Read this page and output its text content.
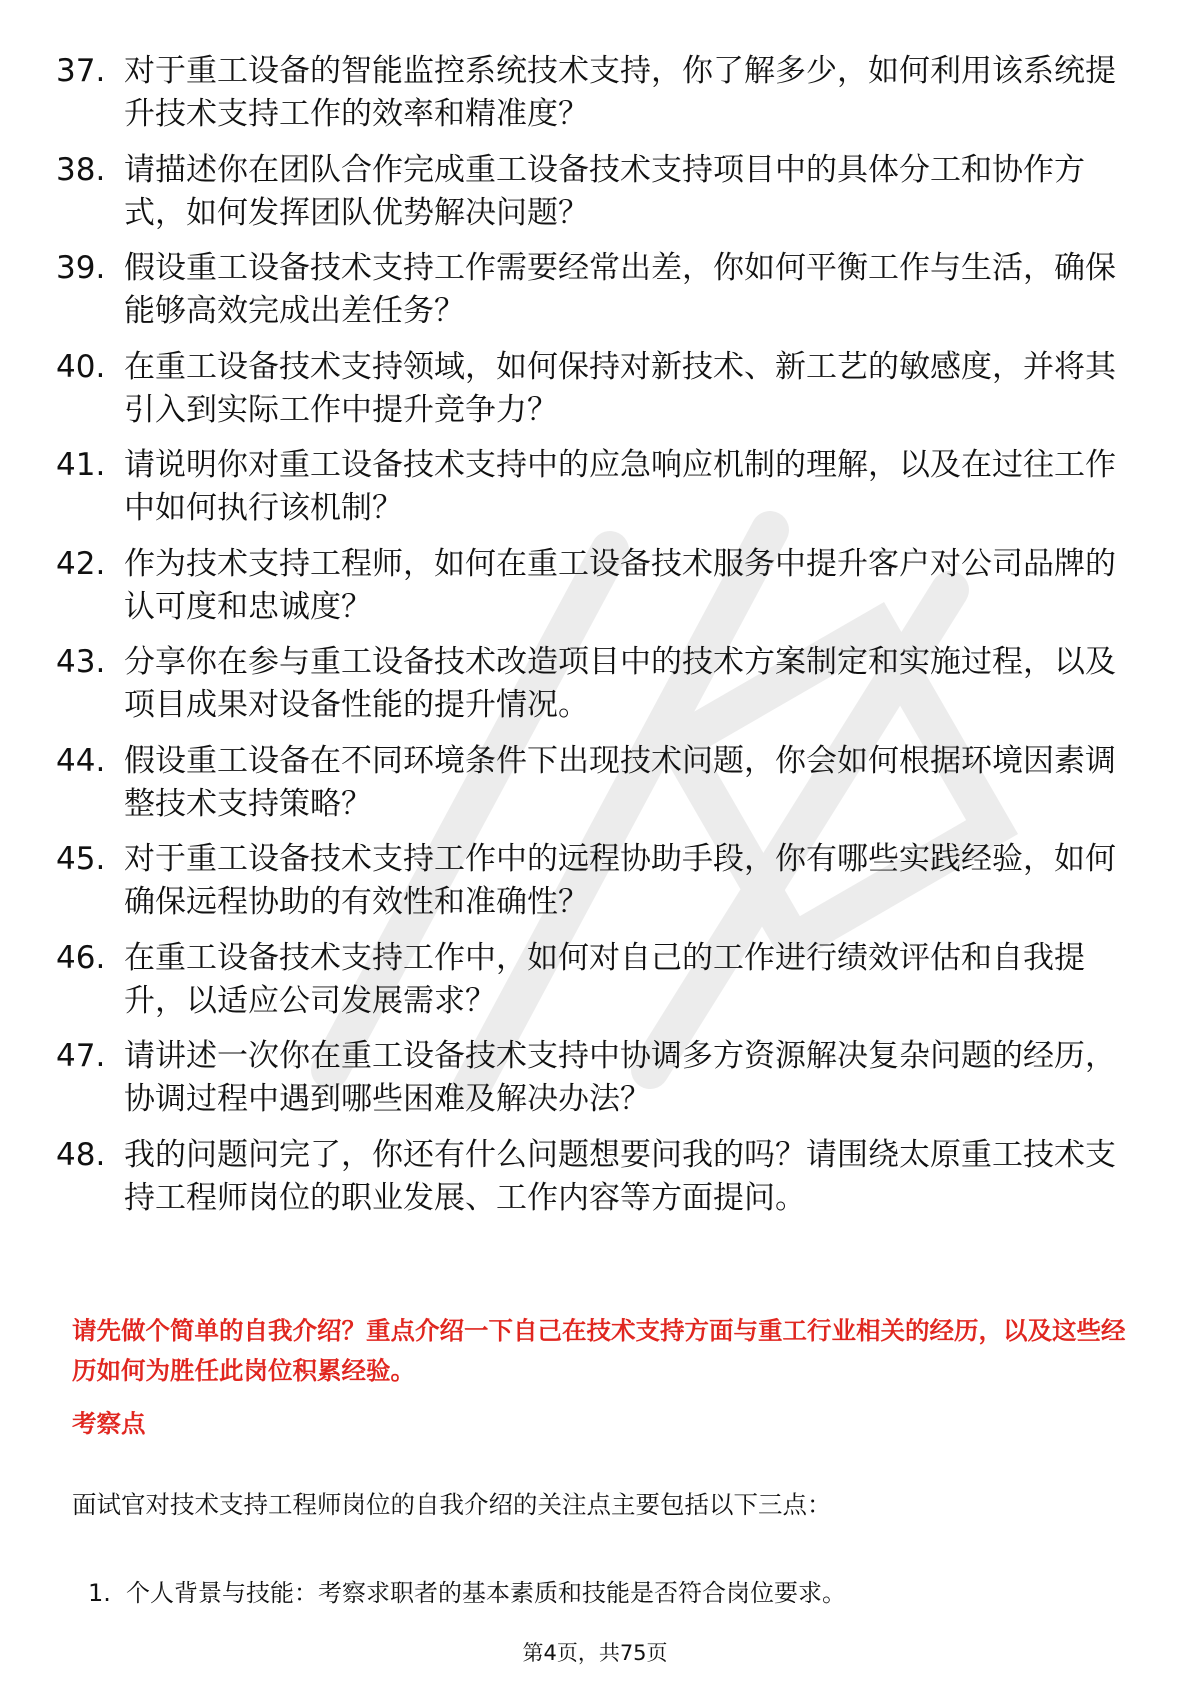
37. 对于重工设备的智能监控系统技术支持，你了解多少，如何利用该系统提升技术支持工作的效率和精准度？
38. 请描述你在团队合作完成重工设备技术支持项目中的具体分工和协作方式，如何发挥团队优势解决问题？
39. 假设重工设备技术支持工作需要经常出差，你如何平衡工作与生活，确保能够高效完成出差任务？
40. 在重工设备技术支持领域，如何保持对新技术、新工艺的敏感度，并将其引入到实际工作中提升竞争力？
41. 请说明你对重工设备技术支持中的应急响应机制的理解，以及在过往工作中如何执行该机制？
42. 作为技术支持工程师，如何在重工设备技术服务中提升客户对公司品牌的认可度和忠诚度？
43. 分享你在参与重工设备技术改造项目中的技术方案制定和实施过程，以及项目成果对设备性能的提升情况。
44. 假设重工设备在不同环境条件下出现技术问题，你会如何根据环境因素调整技术支持策略？
45. 对于重工设备技术支持工作中的远程协助手段，你有哪些实践经验，如何确保远程协助的有效性和准确性？
46. 在重工设备技术支持工作中，如何对自己的工作进行绩效评估和自我提升，以适应公司发展需求？
47. 请讲述一次你在重工设备技术支持中协调多方资源解决复杂问题的经历，协调过程中遇到哪些困难及解决办法？
48. 我的问题问完了，你还有什么问题想要问我的吗？请围绕太原重工技术支持工程师岗位的职业发展、工作内容等方面提问。

请先做个简单的自我介绍？重点介绍一下自己在技术支持方面与重工行业相关的经历，以及这些经历如何为胜任此岗位积累经验。

考察点

面试官对技术支持工程师岗位的自我介绍的关注点主要包括以下三点：

1. 个人背景与技能：考察求职者的基本素质和技能是否符合岗位要求。
第4页，共75页
